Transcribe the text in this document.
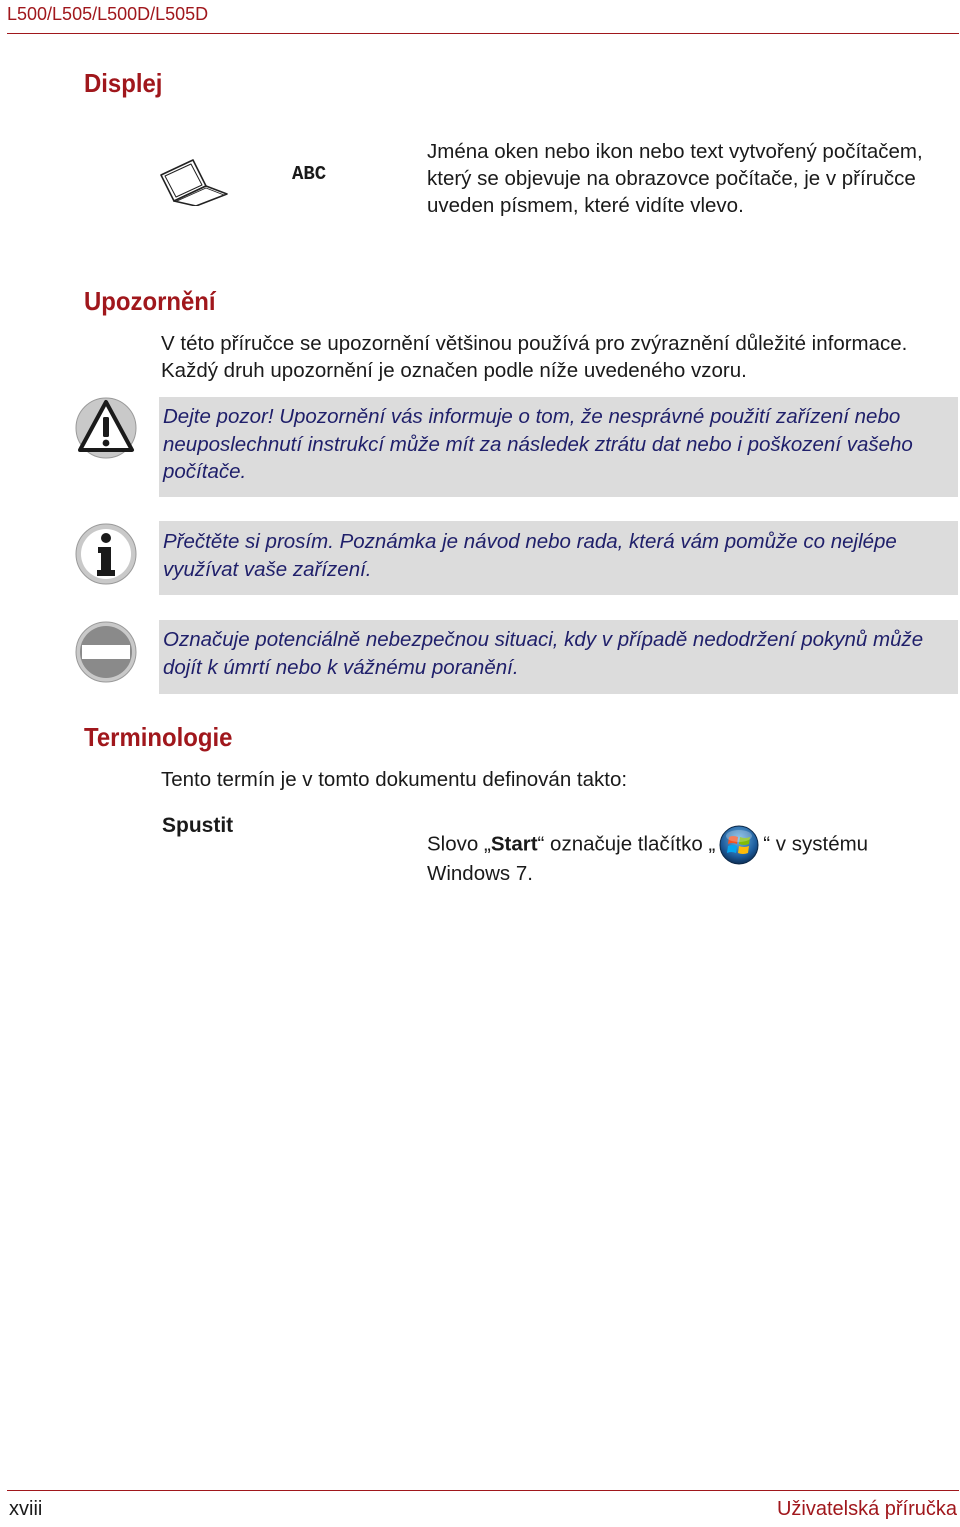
L500/L505/L500D/L505D
Displej
ABC
Jména oken nebo ikon nebo text vytvořený počítačem, který se objevuje na obrazovce počítače, je v příručce uveden písmem, které vidíte vlevo.
Upozornění
V této příručce se upozornění většinou používá pro zvýraznění důležité informace. Každý druh upozornění je označen podle níže uvedeného vzoru.

Dejte pozor! Upozornění vás informuje o tom, že nesprávné použití zařízení nebo neuposlechnutí instrukcí může mít za následek ztrátu dat nebo i poškození vašeho počítače.

Přečtěte si prosím. Poznámka je návod nebo rada, která vám pomůže co nejlépe využívat vaše zařízení.

Označuje potenciálně nebezpečnou situaci, kdy v případě nedodržení pokynů může dojít k úmrtí nebo k vážnému poranění.

Terminologie
Tento termín je v tomto dokumentu definován takto:
Spustit
Slovo „Start“ označuje tlačítko „ “ v systému
Windows 7.
xviii	Uživatelská příručka
